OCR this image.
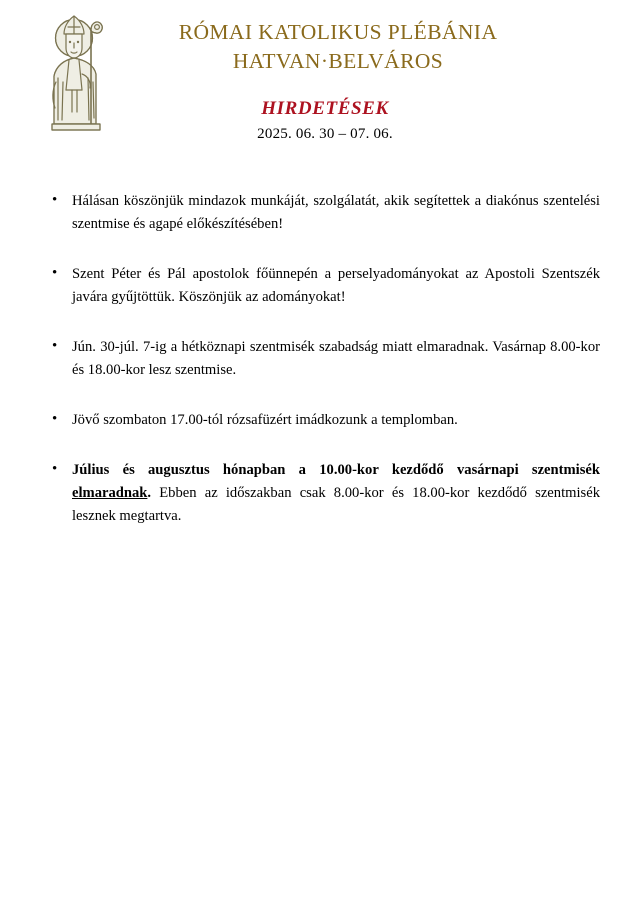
RÓMAI KATOLIKUS PLÉBÁNIA
HATVAN·BELVÁROS
HIRDETÉSEK
2025. 06. 30 – 07. 06.
• Hálásan köszönjük mindazok munkáját, szolgálatát, akik segítettek a diakónus szentelési szentmise és agapé előkészítésében!
• Szent Péter és Pál apostolok főünnepén a perselyadományokat az Apostoli Szentszék javára gyűjtöttük. Köszönjük az adományokat!
• Jún. 30-júl. 7-ig a hétköznapi szentmisék szabadság miatt elmaradnak. Vasárnap 8.00-kor és 18.00-kor lesz szentmise.
• Jövő szombaton 17.00-tól rózsafüzért imádkozunk a templomban.
• Július és augusztus hónapban a 10.00-kor kezdődő vasárnapi szentmisék elmaradnak. Ebben az időszakban csak 8.00-kor és 18.00-kor kezdődő szentmisék lesznek megtartva.
